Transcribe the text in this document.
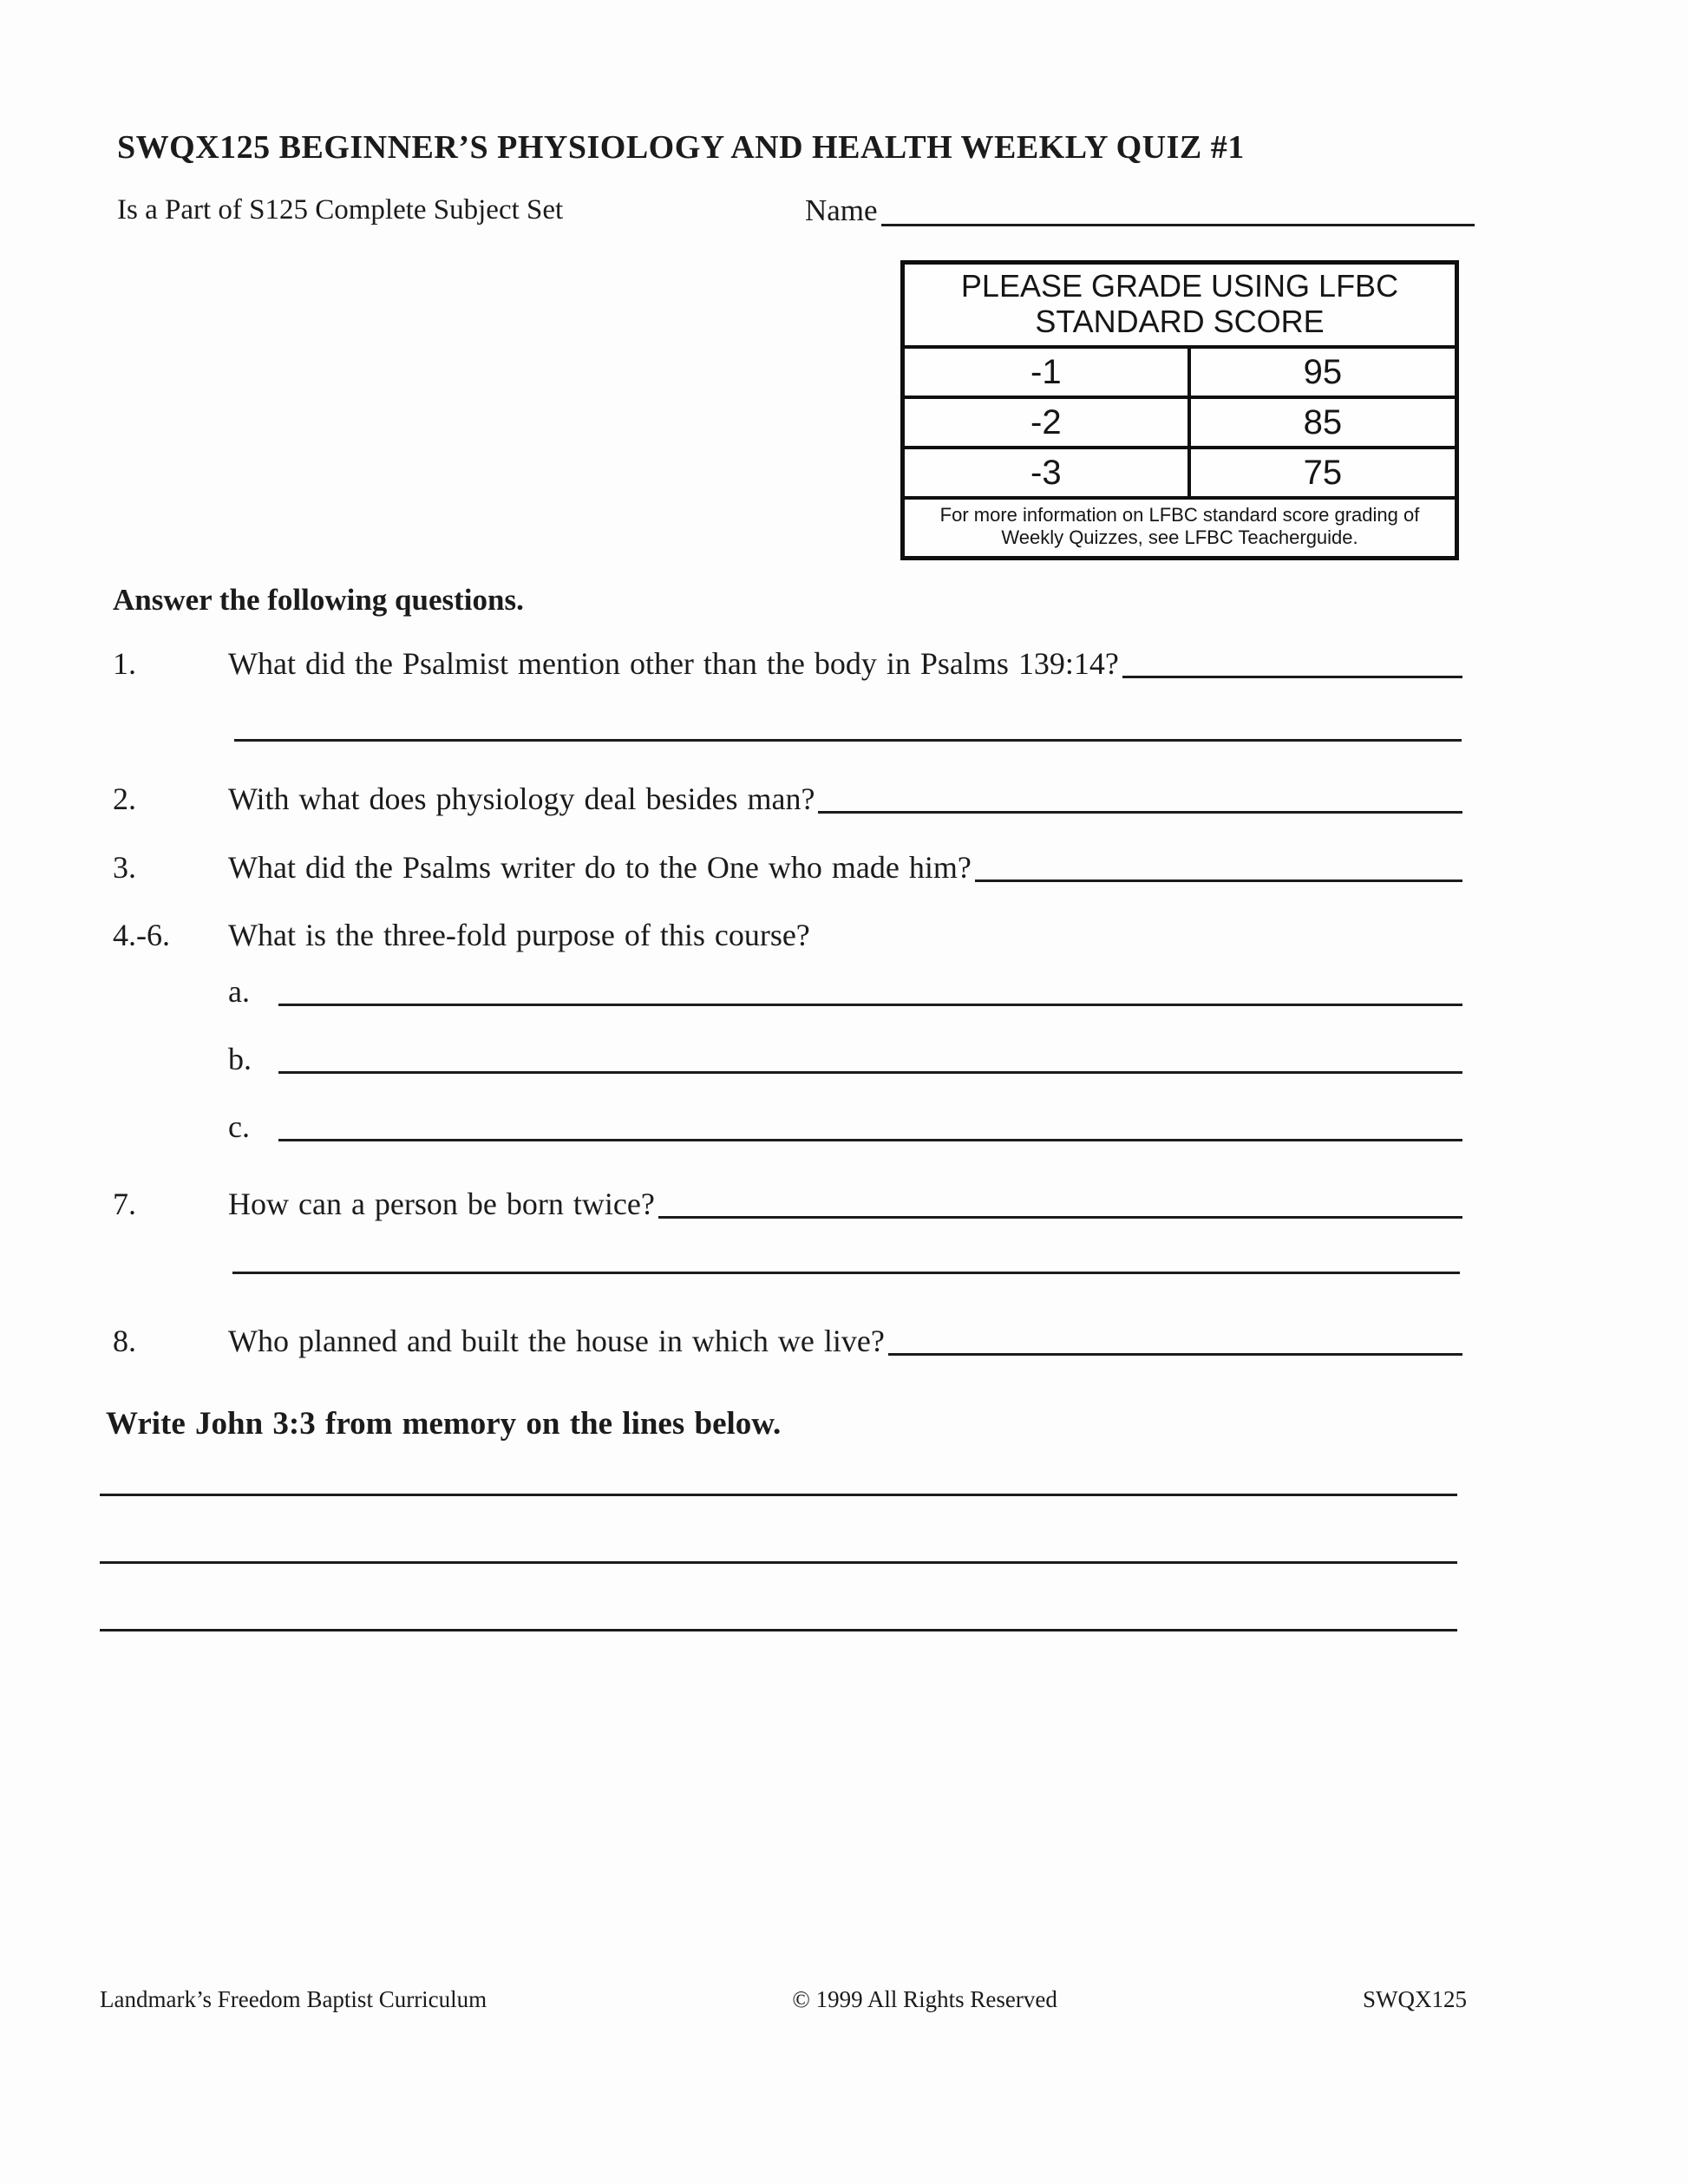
SWQX125 BEGINNER’S PHYSIOLOGY AND HEALTH WEEKLY QUIZ #1
Is a Part of S125 Complete Subject Set	Name
PLEASE GRADE USING LFBC STANDARD SCORE
-1	95
-2	85
-3	75
For more information on LFBC standard score grading of Weekly Quizzes, see LFBC Teacherguide.
Answer the following questions.
1.	What did the Psalmist mention other than the body in Psalms 139:14?
2.	With what does physiology deal besides man?
3.	What did the Psalms writer do to the One who made him?
4.-6.	What is the three-fold purpose of this course?
a.
b.
c.
7.	How can a person be born twice?
8.	Who planned and built the house in which we live?
Write John 3:3 from memory on the lines below.
Landmark’s Freedom Baptist Curriculum	© 1999 All Rights Reserved	SWQX125
